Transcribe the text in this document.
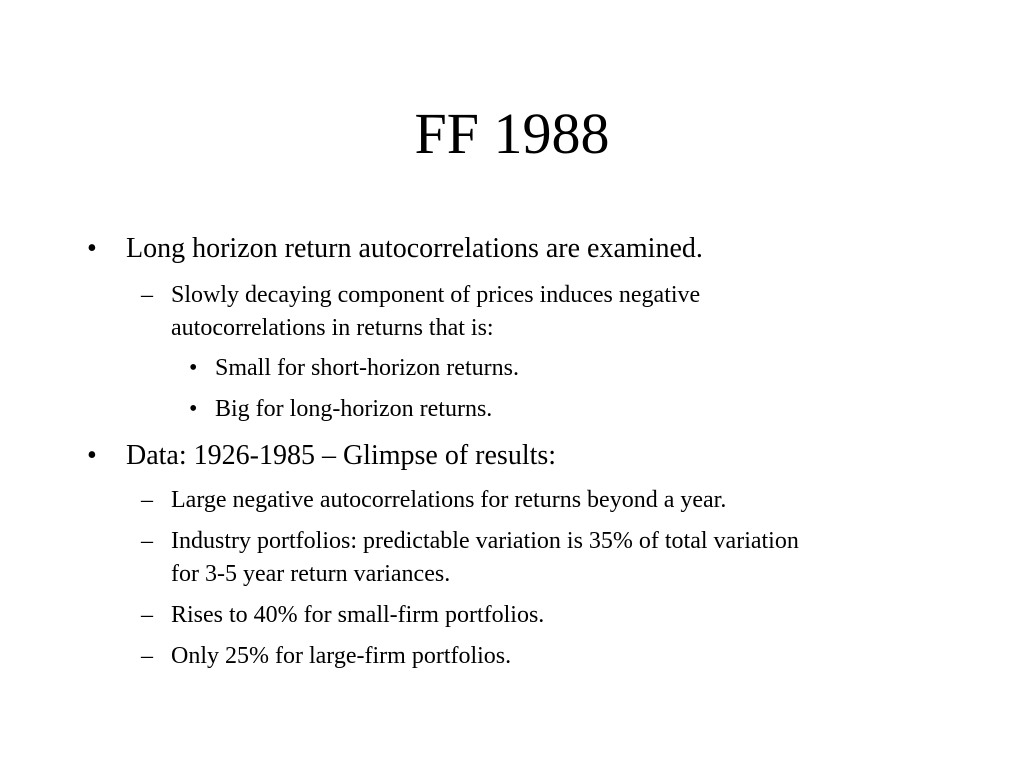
FF 1988
• Long horizon return autocorrelations are examined.
– Slowly decaying component of prices induces negative
autocorrelations in returns that is:
• Small for short-horizon returns.
• Big for long-horizon returns.
• Data: 1926-1985 – Glimpse of results:
– Large negative autocorrelations for returns beyond a year.
– Industry portfolios: predictable variation is 35% of total variation
for 3-5 year return variances.
– Rises to 40% for small-firm portfolios.
– Only 25% for large-firm portfolios.
